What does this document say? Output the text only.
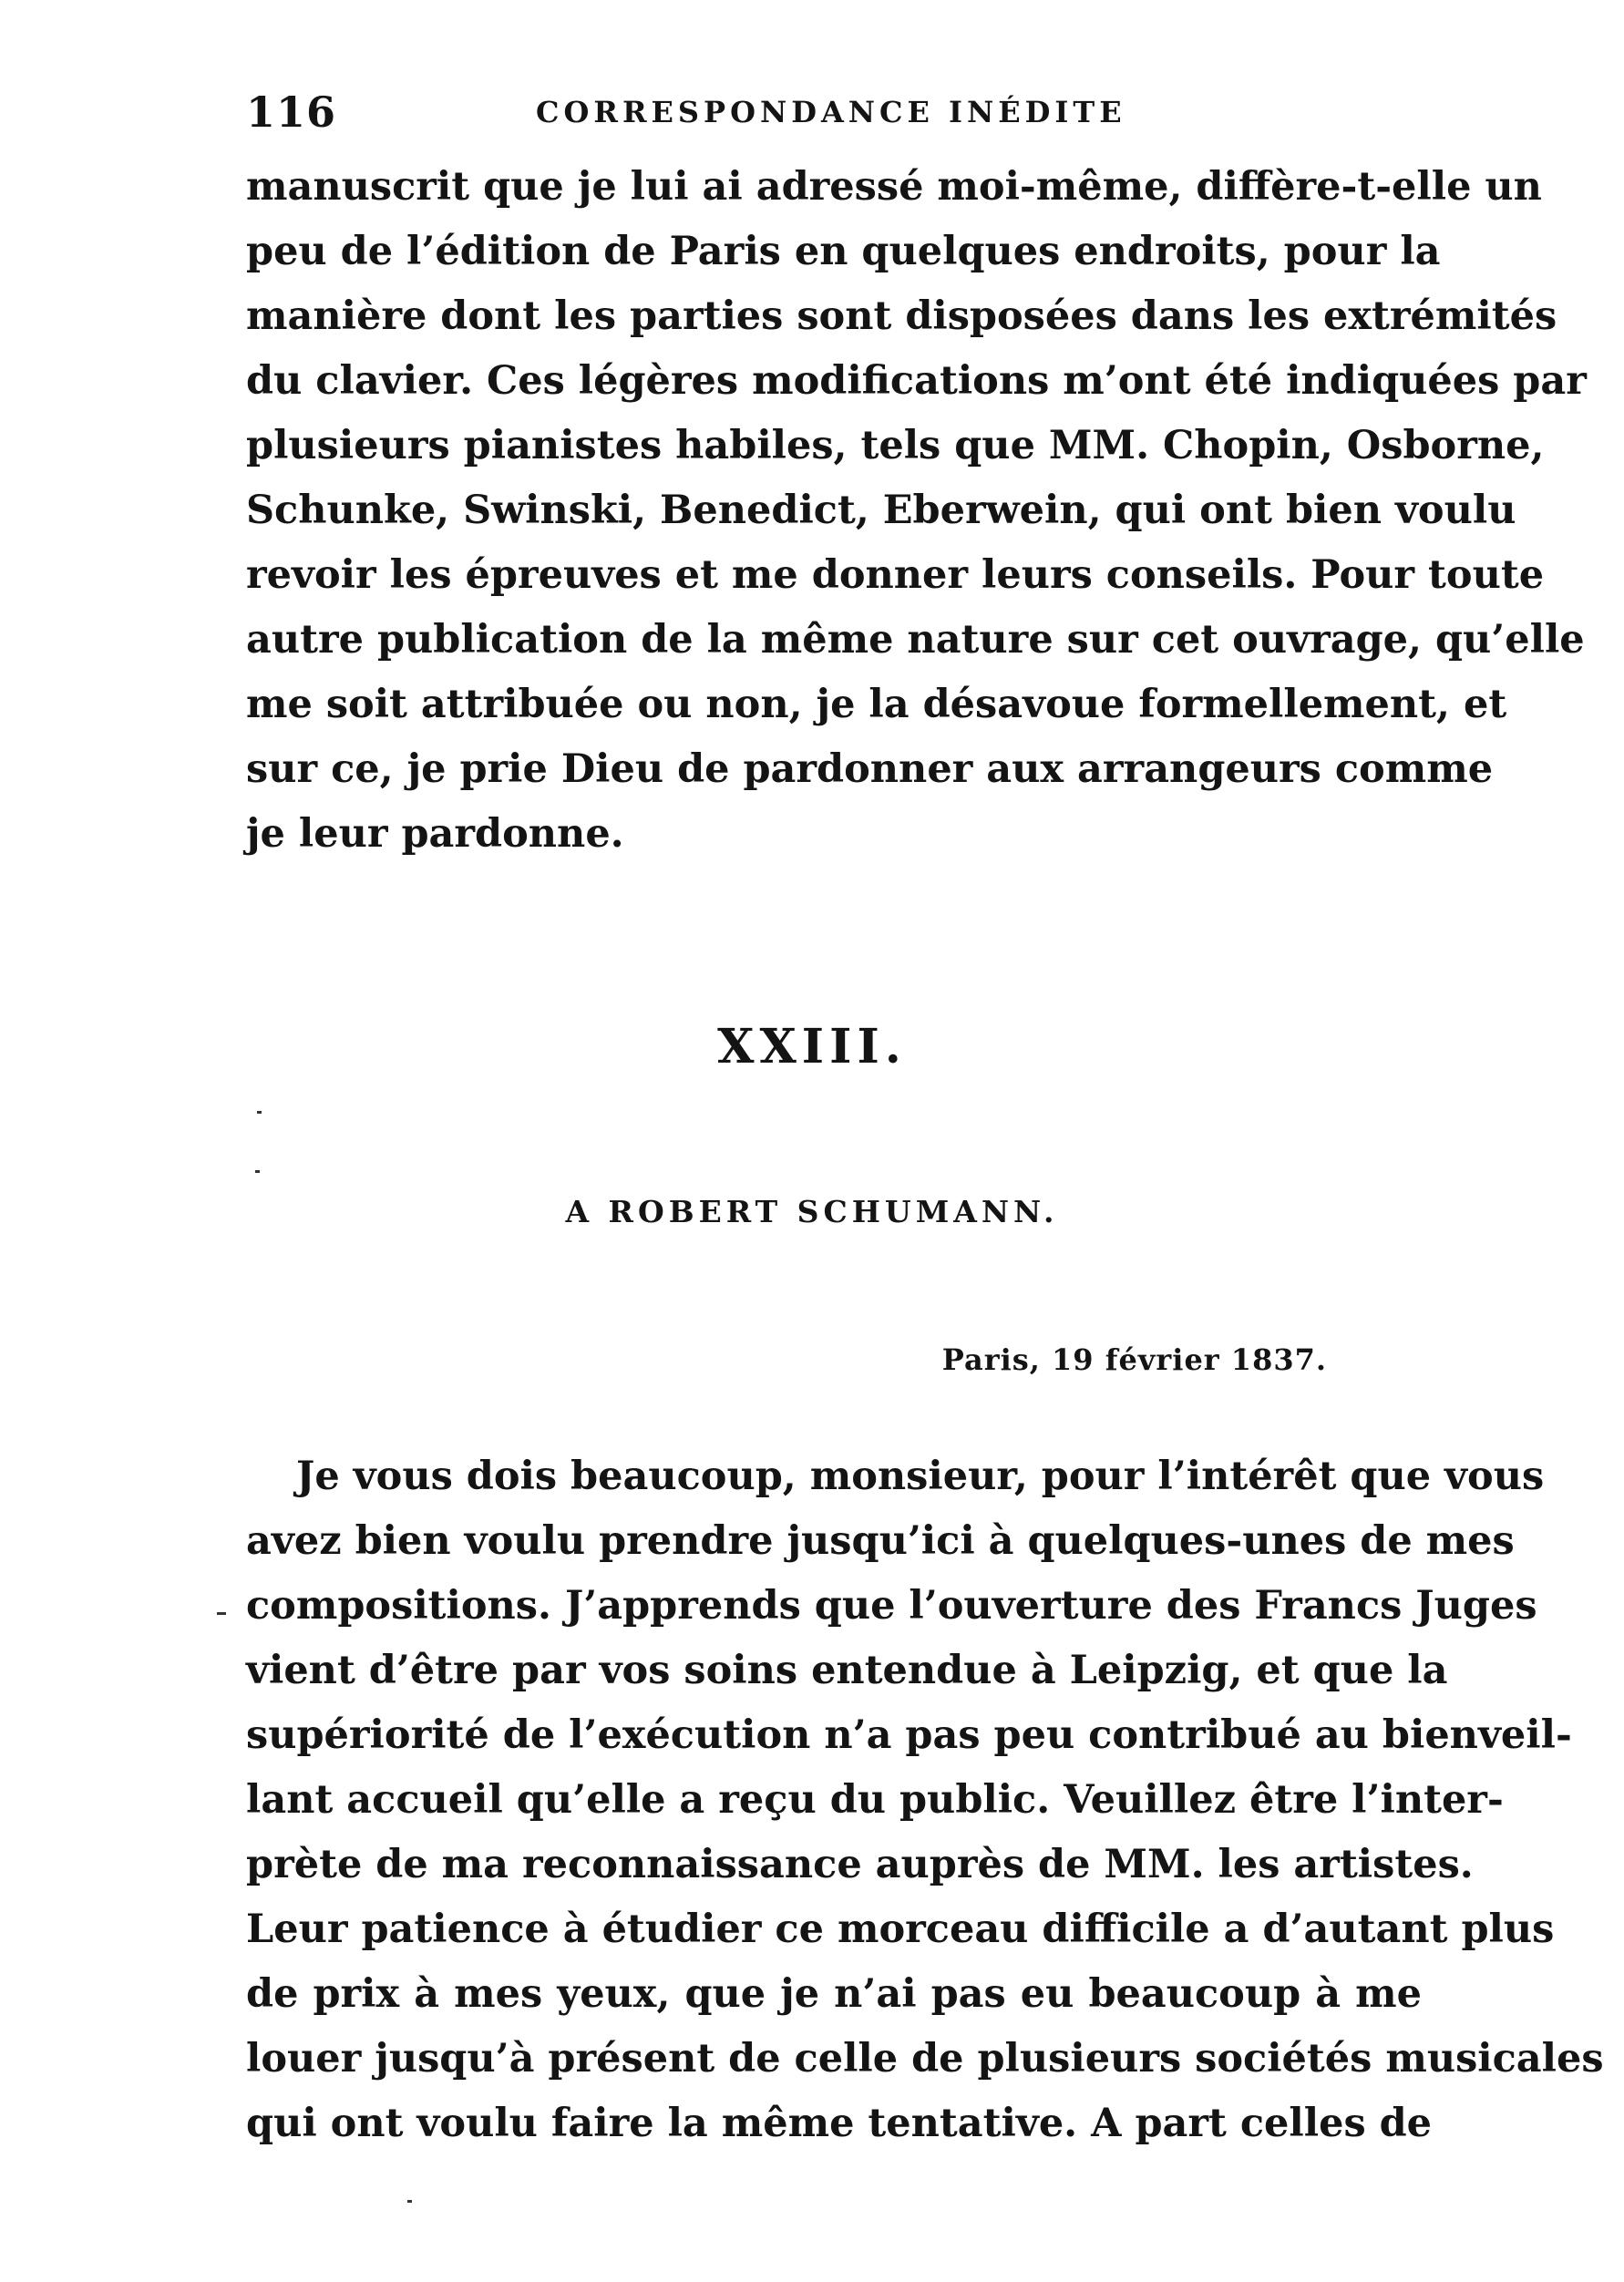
116	CORRESPONDANCE INÉDITE
manuscrit que je lui ai adressé moi-même, diffère-t-elle un
peu de l’édition de Paris en quelques endroits, pour la
manière dont les parties sont disposées dans les extrémités
du clavier. Ces légères modifications m’ont été indiquées par
plusieurs pianistes habiles, tels que MM. Chopin, Osborne,
Schunke, Swinski, Benedict, Eberwein, qui ont bien voulu
revoir les épreuves et me donner leurs conseils. Pour toute
autre publication de la même nature sur cet ouvrage, qu’elle
me soit attribuée ou non, je la désavoue formellement, et
sur ce, je prie Dieu de pardonner aux arrangeurs comme
je leur pardonne.
XXIII.
A ROBERT SCHUMANN.
Paris, 19 février 1837.
Je vous dois beaucoup, monsieur, pour l’intérêt que vous
avez bien voulu prendre jusqu’ici à quelques-unes de mes
compositions. J’apprends que l’ouverture des Francs Juges
vient d’être par vos soins entendue à Leipzig, et que la
supériorité de l’exécution n’a pas peu contribué au bienveil-
lant accueil qu’elle a reçu du public. Veuillez être l’inter-
prète de ma reconnaissance auprès de MM. les artistes.
Leur patience à étudier ce morceau difficile a d’autant plus
de prix à mes yeux, que je n’ai pas eu beaucoup à me
louer jusqu’à présent de celle de plusieurs sociétés musicales
qui ont voulu faire la même tentative. A part celles de
